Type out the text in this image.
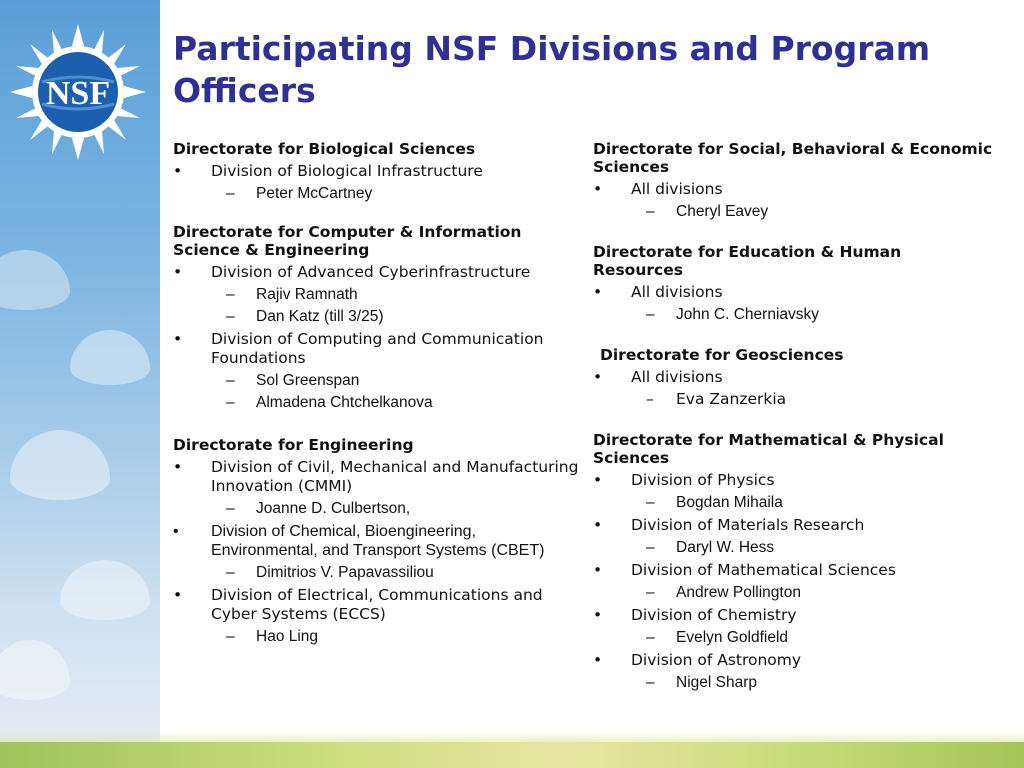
NSF
Participating NSF Divisions and Program Officers
Directorate for Biological Sciences
•	Division of Biological Infrastructure
– Peter McCartney
Directorate for Computer & Information Science & Engineering
•	Division of Advanced Cyberinfrastructure
– Rajiv Ramnath
– Dan Katz (till 3/25)
•	Division of Computing and Communication Foundations
– Sol Greenspan
– Almadena Chtchelkanova
Directorate for Engineering
•	Division of Civil, Mechanical and Manufacturing Innovation (CMMI)
– Joanne D. Culbertson,
•	Division of Chemical, Bioengineering, Environmental, and Transport Systems (CBET)
– Dimitrios V. Papavassiliou
•	Division of Electrical, Communications and Cyber Systems (ECCS)
– Hao Ling
Directorate for Social, Behavioral & Economic Sciences
•	All divisions
– Cheryl Eavey
Directorate for Education & Human Resources
•	All divisions
– John C. Cherniavsky
Directorate for Geosciences
•	All divisions
– Eva Zanzerkia
Directorate for Mathematical & Physical Sciences
•	Division of Physics
– Bogdan Mihaila
•	Division of Materials Research
– Daryl W. Hess
•	Division of Mathematical Sciences
– Andrew Pollington
•	Division of Chemistry
– Evelyn Goldfield
•	Division of Astronomy
– Nigel Sharp
